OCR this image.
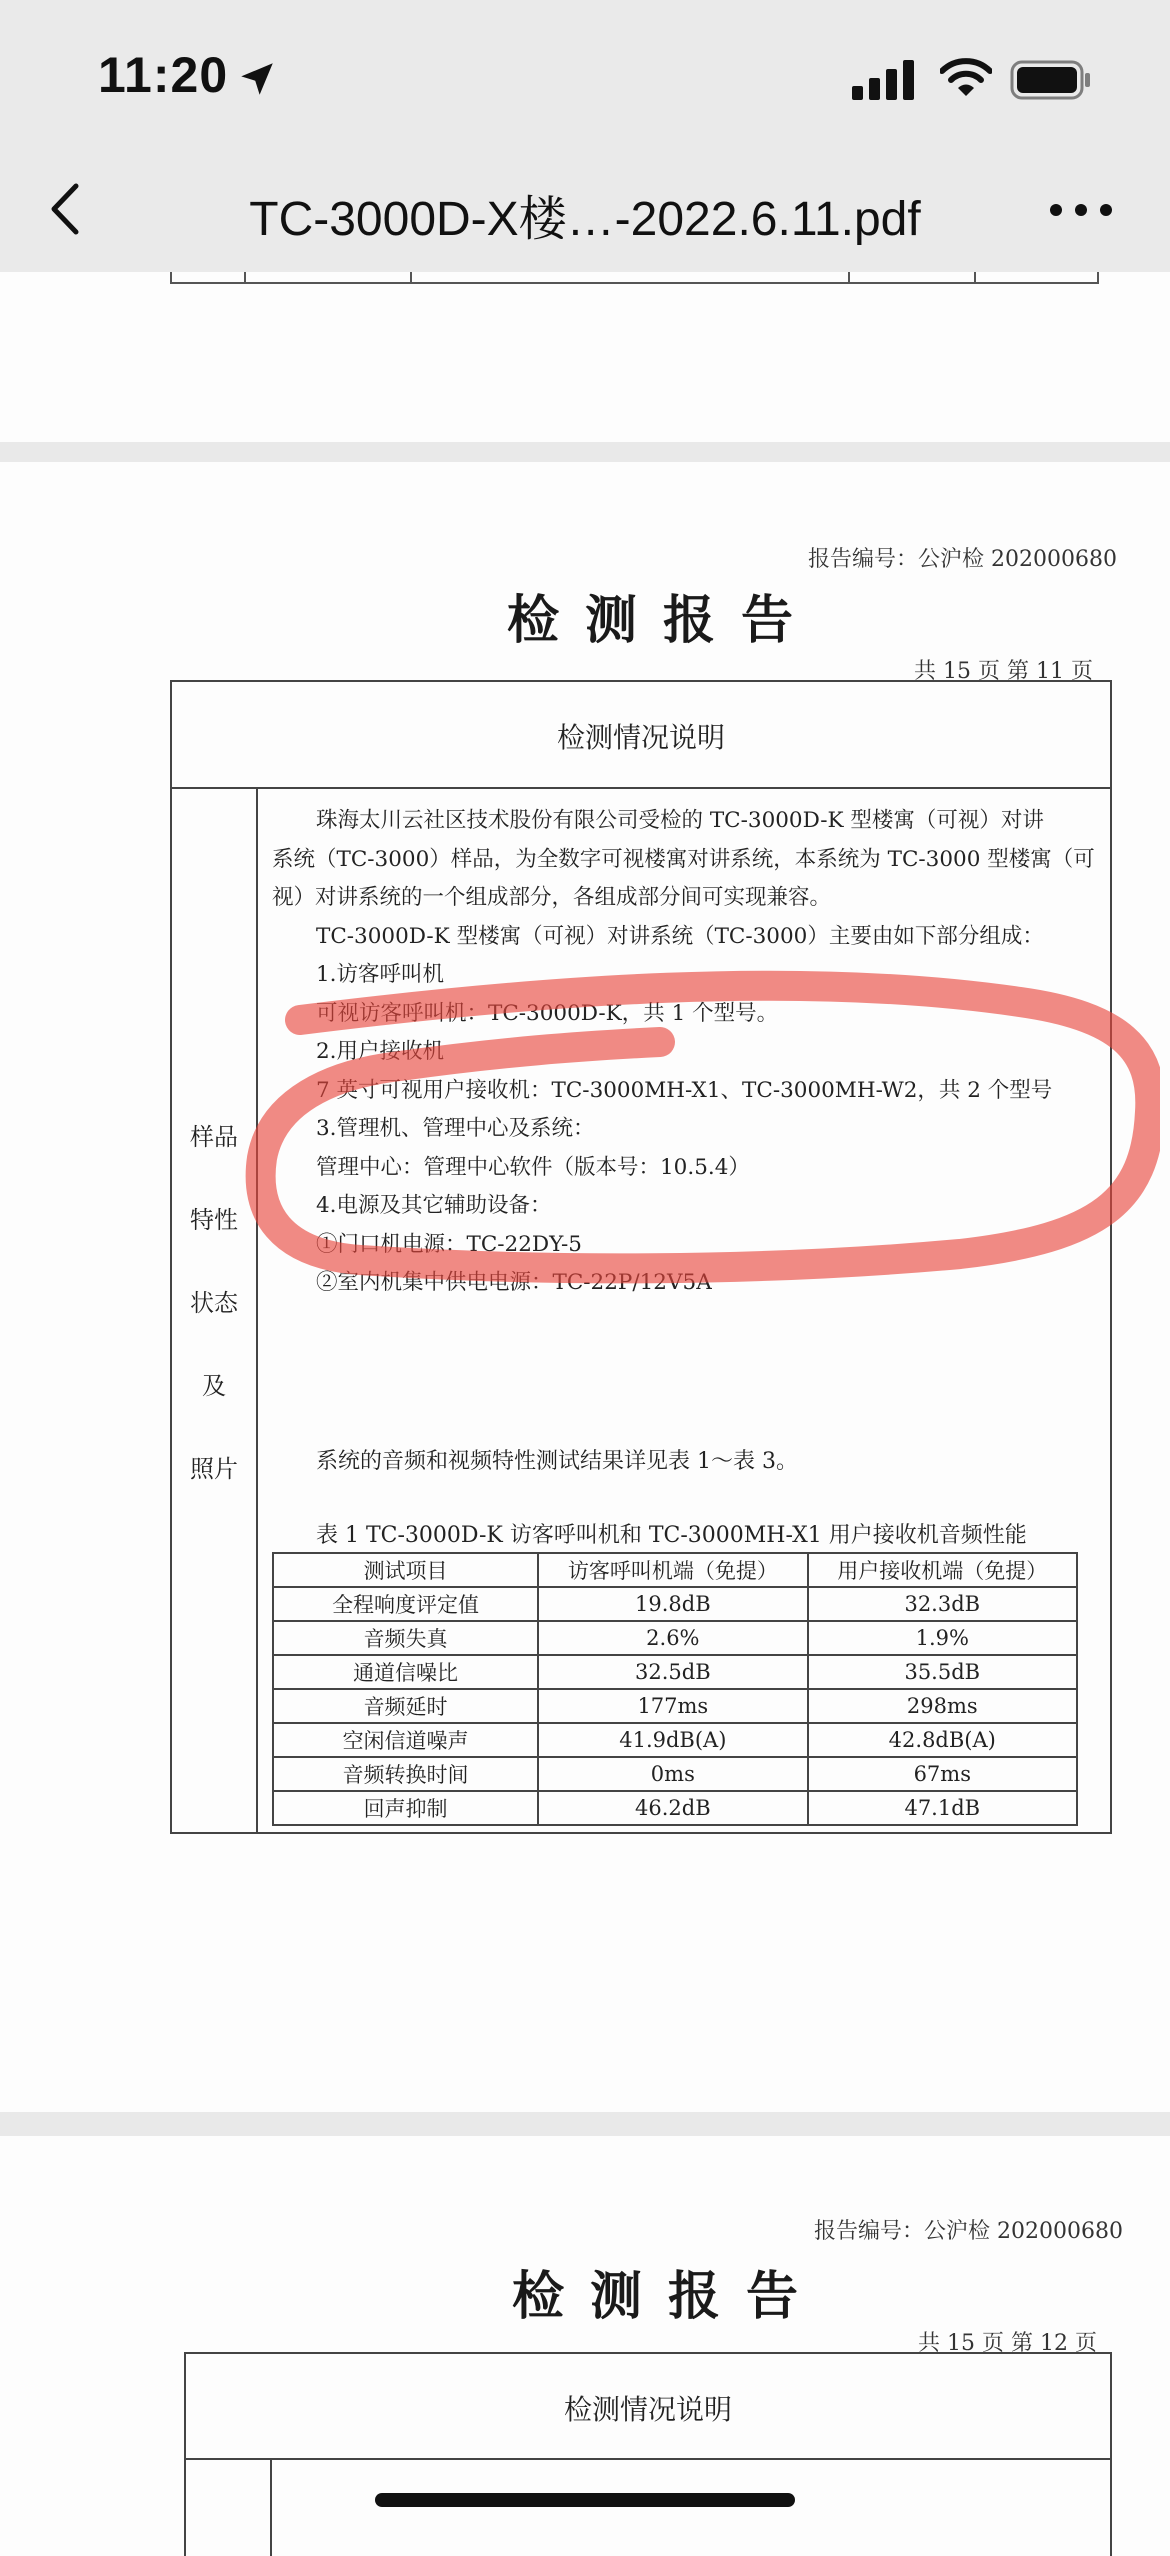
11:20
TC-3000D-X楼…-2022.6.11.pdf
报告编号：公沪检 202000680
检测报告
共 15 页 第 11 页
检测情况说明
样品
特性
状态
及
照片

珠海太川云社区技术股份有限公司受检的 TC-3000D-K 型楼寓（可视）对讲

系统（TC-3000）样品，为全数字可视楼寓对讲系统，本系统为 TC-3000 型楼寓（可

视）对讲系统的一个组成部分，各组成部分间可实现兼容。

TC-3000D-K 型楼寓（可视）对讲系统（TC-3000）主要由如下部分组成：

1.访客呼叫机

可视访客呼叫机：TC-3000D-K，共 1 个型号。

2.用户接收机

7 英寸可视用户接收机：TC-3000MH-X1、TC-3000MH-W2，共 2 个型号

3.管理机、管理中心及系统：

管理中心：管理中心软件（版本号：10.5.4）

4.电源及其它辅助设备：

①门口机电源：TC-22DY-5

②室内机集中供电电源：TC-22P/12V5A

系统的音频和视频特性测试结果详见表 1～表 3。
表 1 TC-3000D-K 访客呼叫机和 TC-3000MH-X1 用户接收机音频性能
测试项目	访客呼叫机端（免提）	用户接收机端（免提）
全程响度评定值	19.8dB	32.3dB
音频失真	2.6%	1.9%
通道信噪比	32.5dB	35.5dB
音频延时	177ms	298ms
空闲信道噪声	41.9dB(A)	42.8dB(A)
音频转换时间	0ms	67ms
回声抑制	46.2dB	47.1dB
报告编号：公沪检 202000680
检测报告
共 15 页 第 12 页
检测情况说明
